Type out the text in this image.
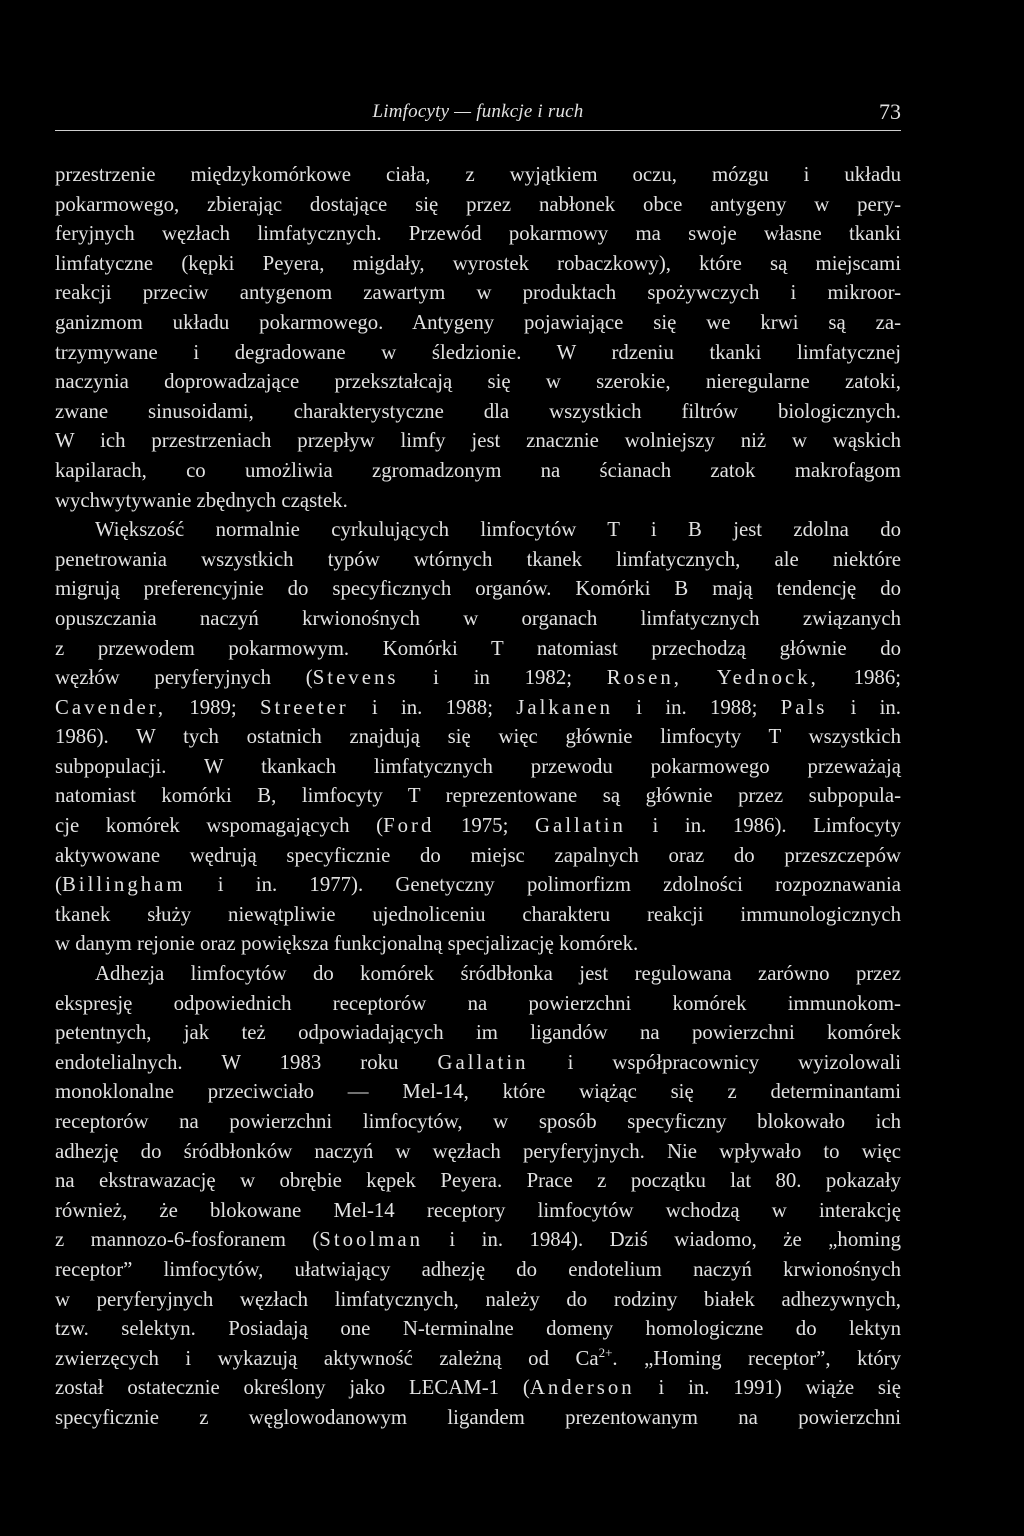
Limfocyty — funkcje i ruch	73
przestrzenie międzykomórkowe ciała, z wyjątkiem oczu, mózgu i układu
pokarmowego, zbierając dostające się przez nabłonek obce antygeny w pery-
feryjnych węzłach limfatycznych. Przewód pokarmowy ma swoje własne tkanki
limfatyczne (kępki Peyera, migdały, wyrostek robaczkowy), które są miejscami
reakcji przeciw antygenom zawartym w produktach spożywczych i mikroor-
ganizmom układu pokarmowego. Antygeny pojawiające się we krwi są za-
trzymywane i degradowane w śledzionie. W rdzeniu tkanki limfatycznej
naczynia doprowadzające przekształcają się w szerokie, nieregularne zatoki,
zwane sinusoidami, charakterystyczne dla wszystkich filtrów biologicznych.
W ich przestrzeniach przepływ limfy jest znacznie wolniejszy niż w wąskich
kapilarach, co umożliwia zgromadzonym na ścianach zatok makrofagom
wychwytywanie zbędnych cząstek.
Większość normalnie cyrkulujących limfocytów T i B jest zdolna do
penetrowania wszystkich typów wtórnych tkanek limfatycznych, ale niektóre
migrują preferencyjnie do specyficznych organów. Komórki B mają tendencję do
opuszczania naczyń krwionośnych w organach limfatycznych związanych
z przewodem pokarmowym. Komórki T natomiast przechodzą głównie do
węzłów peryferyjnych (Stevens i in 1982; Rosen, Yednock, 1986;
Cavender, 1989; Streeter i in. 1988; Jalkanen i in. 1988; Pals i in.
1986). W tych ostatnich znajdują się więc głównie limfocyty T wszystkich
subpopulacji. W tkankach limfatycznych przewodu pokarmowego przeważają
natomiast komórki B, limfocyty T reprezentowane są głównie przez subpopula-
cje komórek wspomagających (Ford 1975; Gallatin i in. 1986). Limfocyty
aktywowane wędrują specyficznie do miejsc zapalnych oraz do przeszczepów
(Billingham i in. 1977). Genetyczny polimorfizm zdolności rozpoznawania
tkanek służy niewątpliwie ujednoliceniu charakteru reakcji immunologicznych
w danym rejonie oraz powiększa funkcjonalną specjalizację komórek.
Adhezja limfocytów do komórek śródbłonka jest regulowana zarówno przez
ekspresję odpowiednich receptorów na powierzchni komórek immunokom-
petentnych, jak też odpowiadających im ligandów na powierzchni komórek
endotelialnych. W 1983 roku Gallatin i współpracownicy wyizolowali
monoklonalne przeciwciało — Mel-14, które wiążąc się z determinantami
receptorów na powierzchni limfocytów, w sposób specyficzny blokowało ich
adhezję do śródbłonków naczyń w węzłach peryferyjnych. Nie wpływało to więc
na ekstrawazację w obrębie kępek Peyera. Prace z początku lat 80. pokazały
również, że blokowane Mel-14 receptory limfocytów wchodzą w interakcję
z mannozo-6-fosforanem (Stoolman i in. 1984). Dziś wiadomo, że „homing
receptor” limfocytów, ułatwiający adhezję do endotelium naczyń krwionośnych
w peryferyjnych węzłach limfatycznych, należy do rodziny białek adhezywnych,
tzw. selektyn. Posiadają one N-terminalne domeny homologiczne do lektyn
zwierzęcych i wykazują aktywność zależną od $Ca^{2+}$. „Homing receptor”, który
został ostatecznie określony jako LECAM-1 (Anderson i in. 1991) wiąże się
specyficznie z węglowodanowym ligandem prezentowanym na powierzchni
